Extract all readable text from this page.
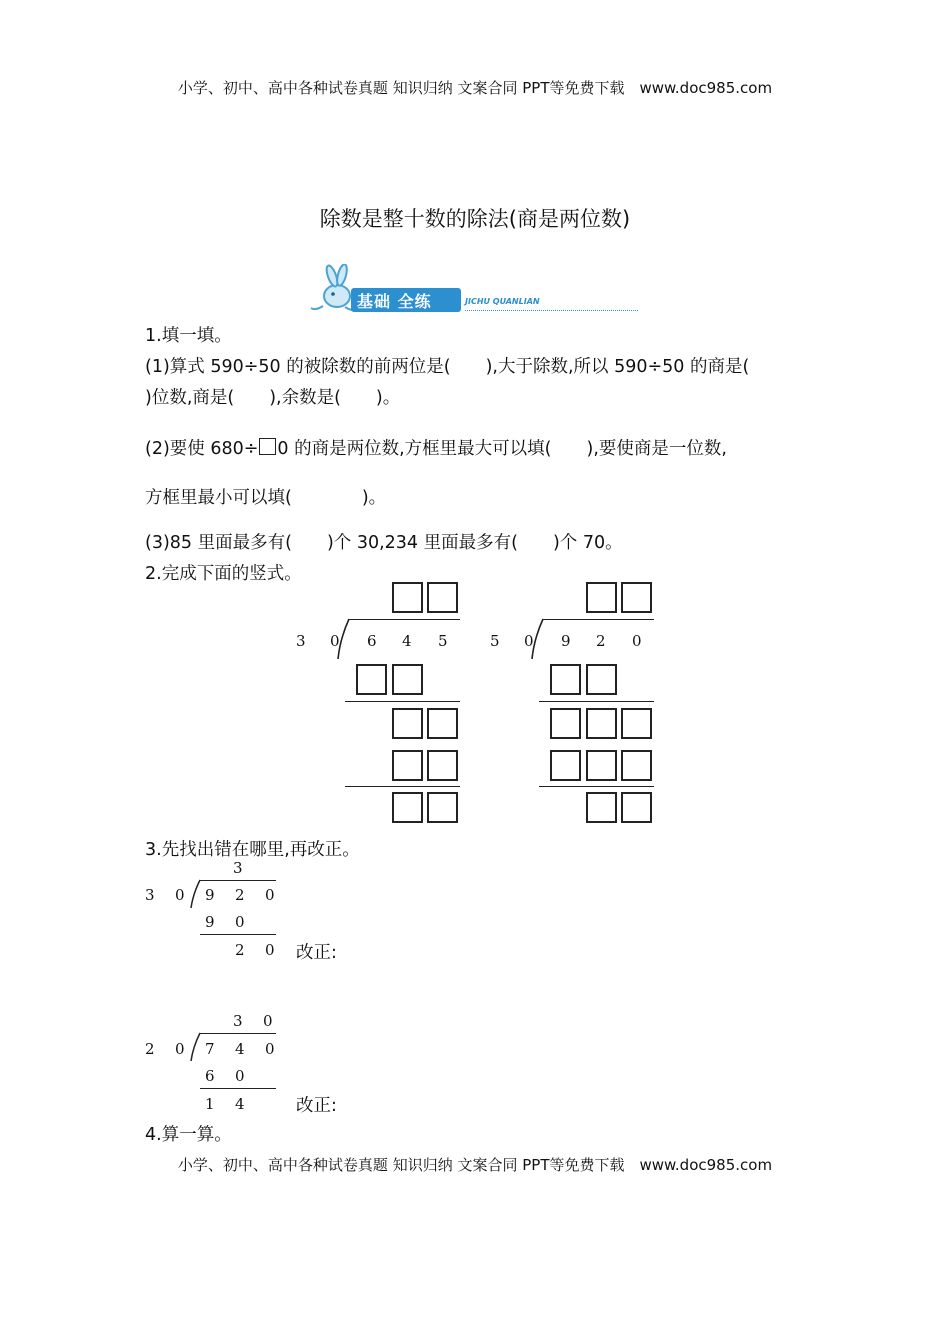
小学、初中、高中各种试卷真题 知识归纳 文案合同 PPT等免费下载　www.doc985.com
小学、初中、高中各种试卷真题 知识归纳 文案合同 PPT等免费下载　www.doc985.com
除数是整十数的除法(商是两位数)
基础 全练	JICHU QUANLIAN
1.填一填。
(1)算式 590÷50 的被除数的前两位是(　　),大于除数,所以 590÷50 的商是(
)位数,商是(　　),余数是(　　)。
(2)要使 680÷ 0 的商是两位数,方框里最大可以填(　　),要使商是一位数,
方框里最小可以填(　　　　)。
(3)85 里面最多有(　　)个 30,234 里面最多有(　　)个 70。
2.完成下面的竖式。
3 0 6 4 5	5 0 9 2 0
3.先找出错在哪里,再改正。
3
3 0 9 2 0
9 0
2 0 改正:
3 0
2 0 7 4 0
6 0
1 4	改正:
4.算一算。
